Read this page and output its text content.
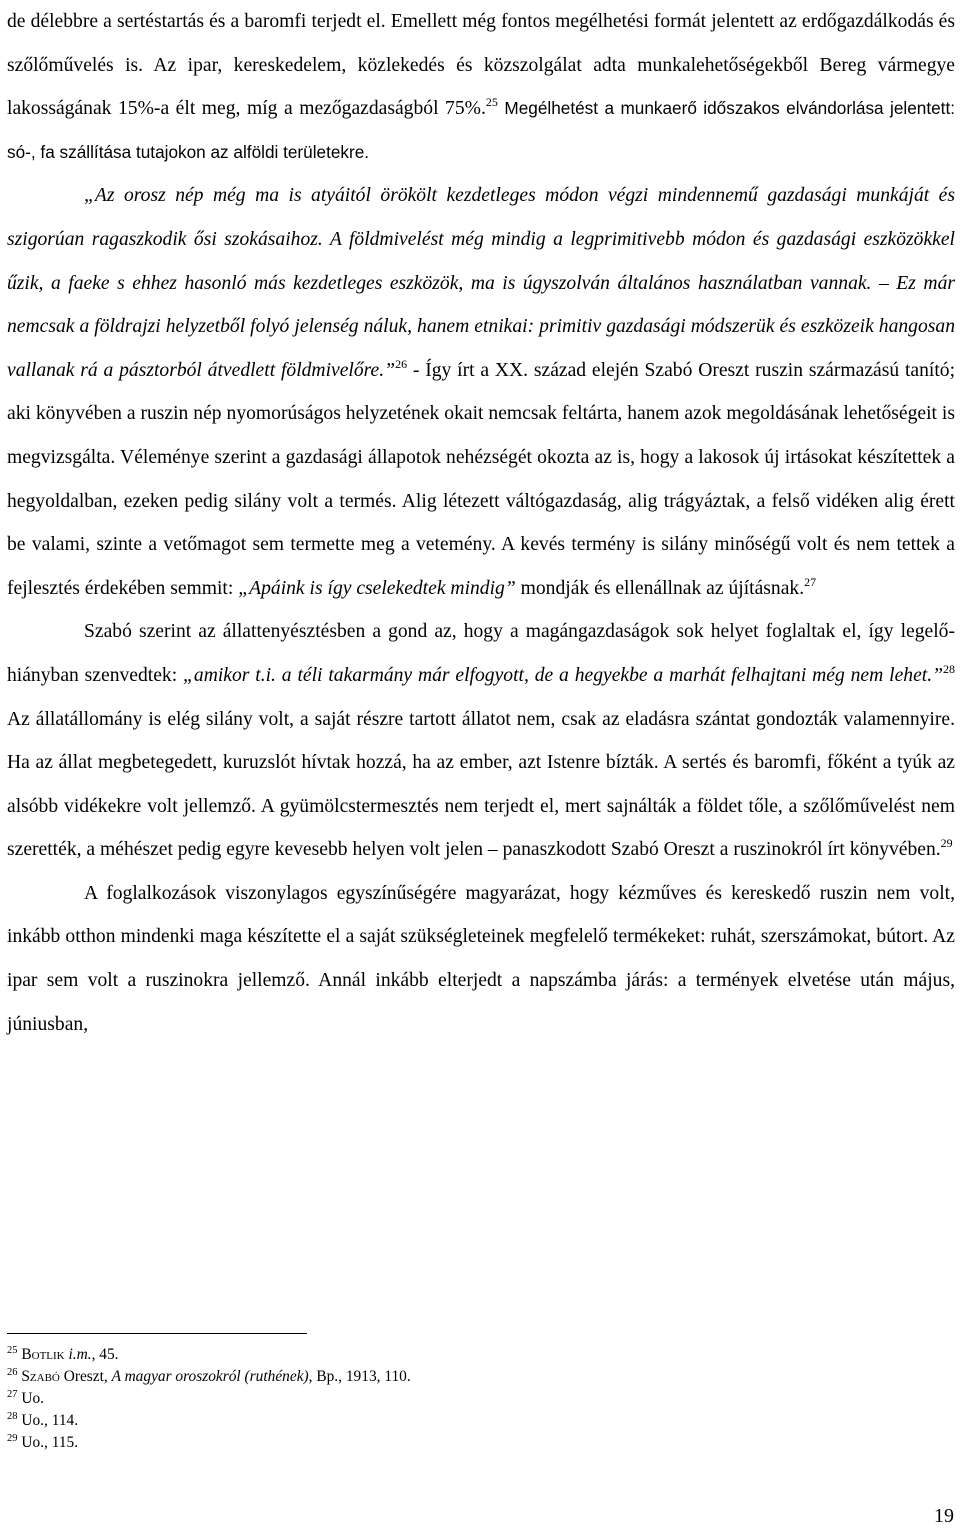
de délebbre a sertéstartás és a baromfi terjedt el. Emellett még fontos megélhetési formát jelentett az erdőgazdálkodás és szőlőművelés is. Az ipar, kereskedelem, közlekedés és közszolgálat adta munkalehetőségekből Bereg vármegye lakosságának 15%-a élt meg, míg a mezőgazdaságból 75%.$^{25}$ Megélhetést a munkaerő időszakos elvándorlása jelentett: só-, fa szállítása tutajokon az alföldi területekre.

„Az orosz nép még ma is atyáitól örökölt kezdetleges módon végzi mindennemű gazdasági munkáját és szigorúan ragaszkodik ősi szokásaihoz. A földmivelést még mindig a legprimitivebb módon és gazdasági eszközökkel űzik, a faeke s ehhez hasonló más kezdetleges eszközök, ma is úgyszolván általános használatban vannak. – Ez már nemcsak a földrajzi helyzetből folyó jelenség náluk, hanem etnikai: primitiv gazdasági módszerük és eszközeik hangosan vallanak rá a pásztorból átvedlett földmivelőre.”$^{26}$ - Így írt a XX. század elején Szabó Oreszt ruszin származású tanító; aki könyvében a ruszin nép nyomorúságos helyzetének okait nemcsak feltárta, hanem azok megoldásának lehetőségeit is megvizsgálta. Véleménye szerint a gazdasági állapotok nehézségét okozta az is, hogy a lakosok új irtásokat készítettek a hegyoldalban, ezeken pedig silány volt a termés. Alig létezett váltógazdaság, alig trágyáztak, a felső vidéken alig érett be valami, szinte a vetőmagot sem termette meg a vetemény. A kevés termény is silány minőségű volt és nem tettek a fejlesztés érdekében semmit: „Apáink is így cselekedtek mindig” mondják és ellenállnak az újításnak.$^{27}$

Szabó szerint az állattenyésztésben a gond az, hogy a magángazdaságok sok helyet foglaltak el, így legelő-hiányban szenvedtek: „amikor t.i. a téli takarmány már elfogyott, de a hegyekbe a marhát felhajtani még nem lehet.”$^{28}$ Az állatállomány is elég silány volt, a saját részre tartott állatot nem, csak az eladásra szántat gondozták valamennyire. Ha az állat megbetegedett, kuruzslót hívtak hozzá, ha az ember, azt Istenre bízták. A sertés és baromfi, főként a tyúk az alsóbb vidékekre volt jellemző. A gyümölcstermesztés nem terjedt el, mert sajnálták a földet tőle, a szőlőművelést nem szerették, a méhészet pedig egyre kevesebb helyen volt jelen – panaszkodott Szabó Oreszt a ruszinokról írt könyvében.$^{29}$

A foglalkozások viszonylagos egyszínűségére magyarázat, hogy kézműves és kereskedő ruszin nem volt, inkább otthon mindenki maga készítette el a saját szükségleteinek megfelelő termékeket: ruhát, szerszámokat, bútort. Az ipar sem volt a ruszinokra jellemző. Annál inkább elterjedt a napszámba járás: a termények elvetése után május, júniusban,

$^{25}$ Botlik i.m., 45.

$^{26}$ Szabó Oreszt, A magyar oroszokról (ruthének), Bp., 1913, 110.

$^{27}$ Uo.

$^{28}$ Uo., 114.

$^{29}$ Uo., 115.

19
